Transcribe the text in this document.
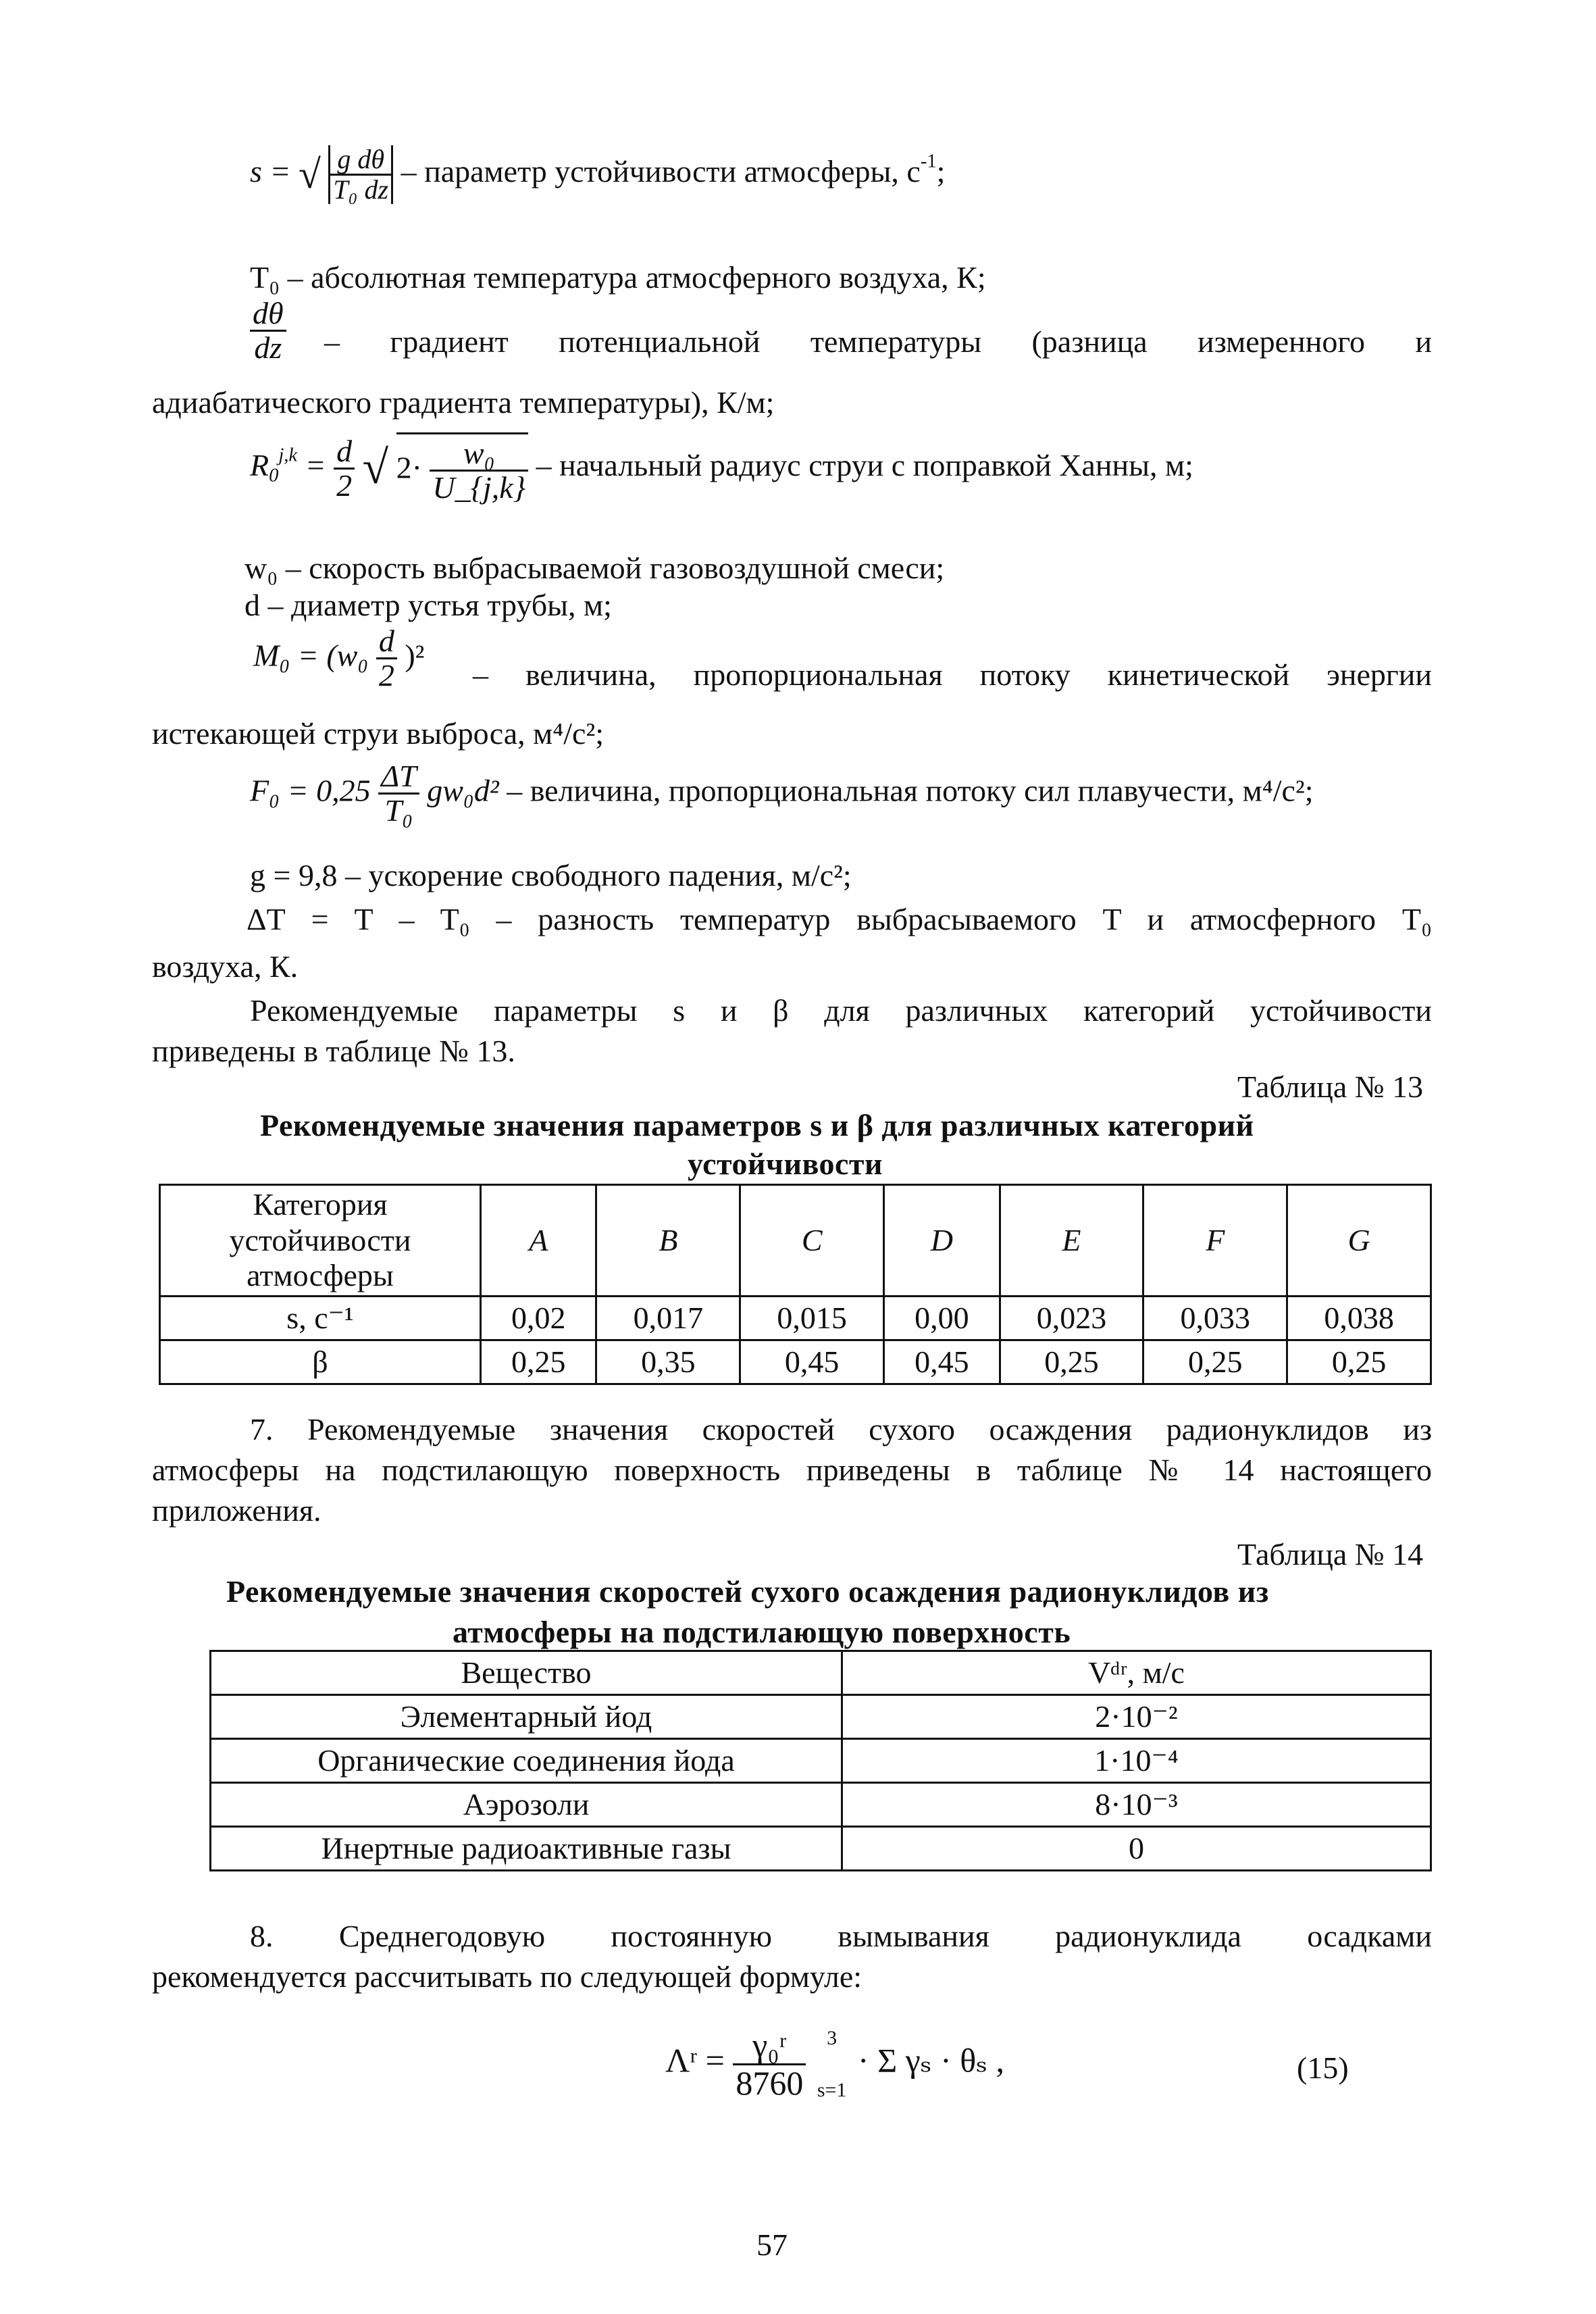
s = √ $\frac{\text{g dθ}}{\text{T₀ dz}}$ – параметр устойчивости атмосферы, $с^{-1}$;
T₀ – абсолютная температура атмосферного воздуха, К;
$\frac{d\theta}{dz}$ – градиент потенциальной температуры (разница измеренного и
адиабатического градиента температуры), К/м;
$R_0^{j,k} = \frac{d}{2}$ √ $2\cdot \frac{\text{w₀}}{U\_\{j,k\}}$ – начальный радиус струи с поправкой Ханны, м;
w₀ – скорость выбрасываемой газовоздушной смеси;
d – диаметр устья трубы, м;
$M_0 = (w_0 \frac{d}{2} )^2$
– величина, пропорциональная потоку кинетической энергии
истекающей струи выброса, м⁴/с²;
$F_0 = 0,25 \frac{\Delta T}{\text{T₀}} gw_0d^2$ – величина, пропорциональная потоку сил плавучести, м⁴/с²;
g = 9,8 – ускорение свободного падения, м/с²;
ΔT = T – T₀ – разность температур выбрасываемого T и атмосферного T₀
воздуха, К.
Рекомендуемые параметры s и β для различных категорий устойчивости
приведены в таблице № 13.
Таблица № 13
Рекомендуемые значения параметров s и β для различных категорий
устойчивости
Категория устойчивости атмосферы	A	B	C	D	E	F	G
s, с⁻¹	0,02	0,017	0,015	0,00	0,023	0,033	0,038
β	0,25	0,35	0,45	0,45	0,25	0,25	0,25
7. Рекомендуемые значения скоростей сухого осаждения радионуклидов из
атмосферы на подстилающую поверхность приведены в таблице № 14 настоящего
приложения.
Таблица № 14
Рекомендуемые значения скоростей сухого осаждения радионуклидов из
атмосферы на подстилающую поверхность
Вещество	Vᵈʳ, м/с
Элементарный йод	2·10⁻²
Органические соединения йода	1·10⁻⁴
Аэрозоли	8·10⁻³
Инертные радиоактивные газы	0
8. Среднегодовую постоянную вымывания радионуклида осадками
рекомендуется рассчитывать по следующей формуле:
Λʳ = $\frac{\text{γ₀ʳ}}{8760}$
	3

s=1
· Σ γₛ · θₛ ,	(15)
57
